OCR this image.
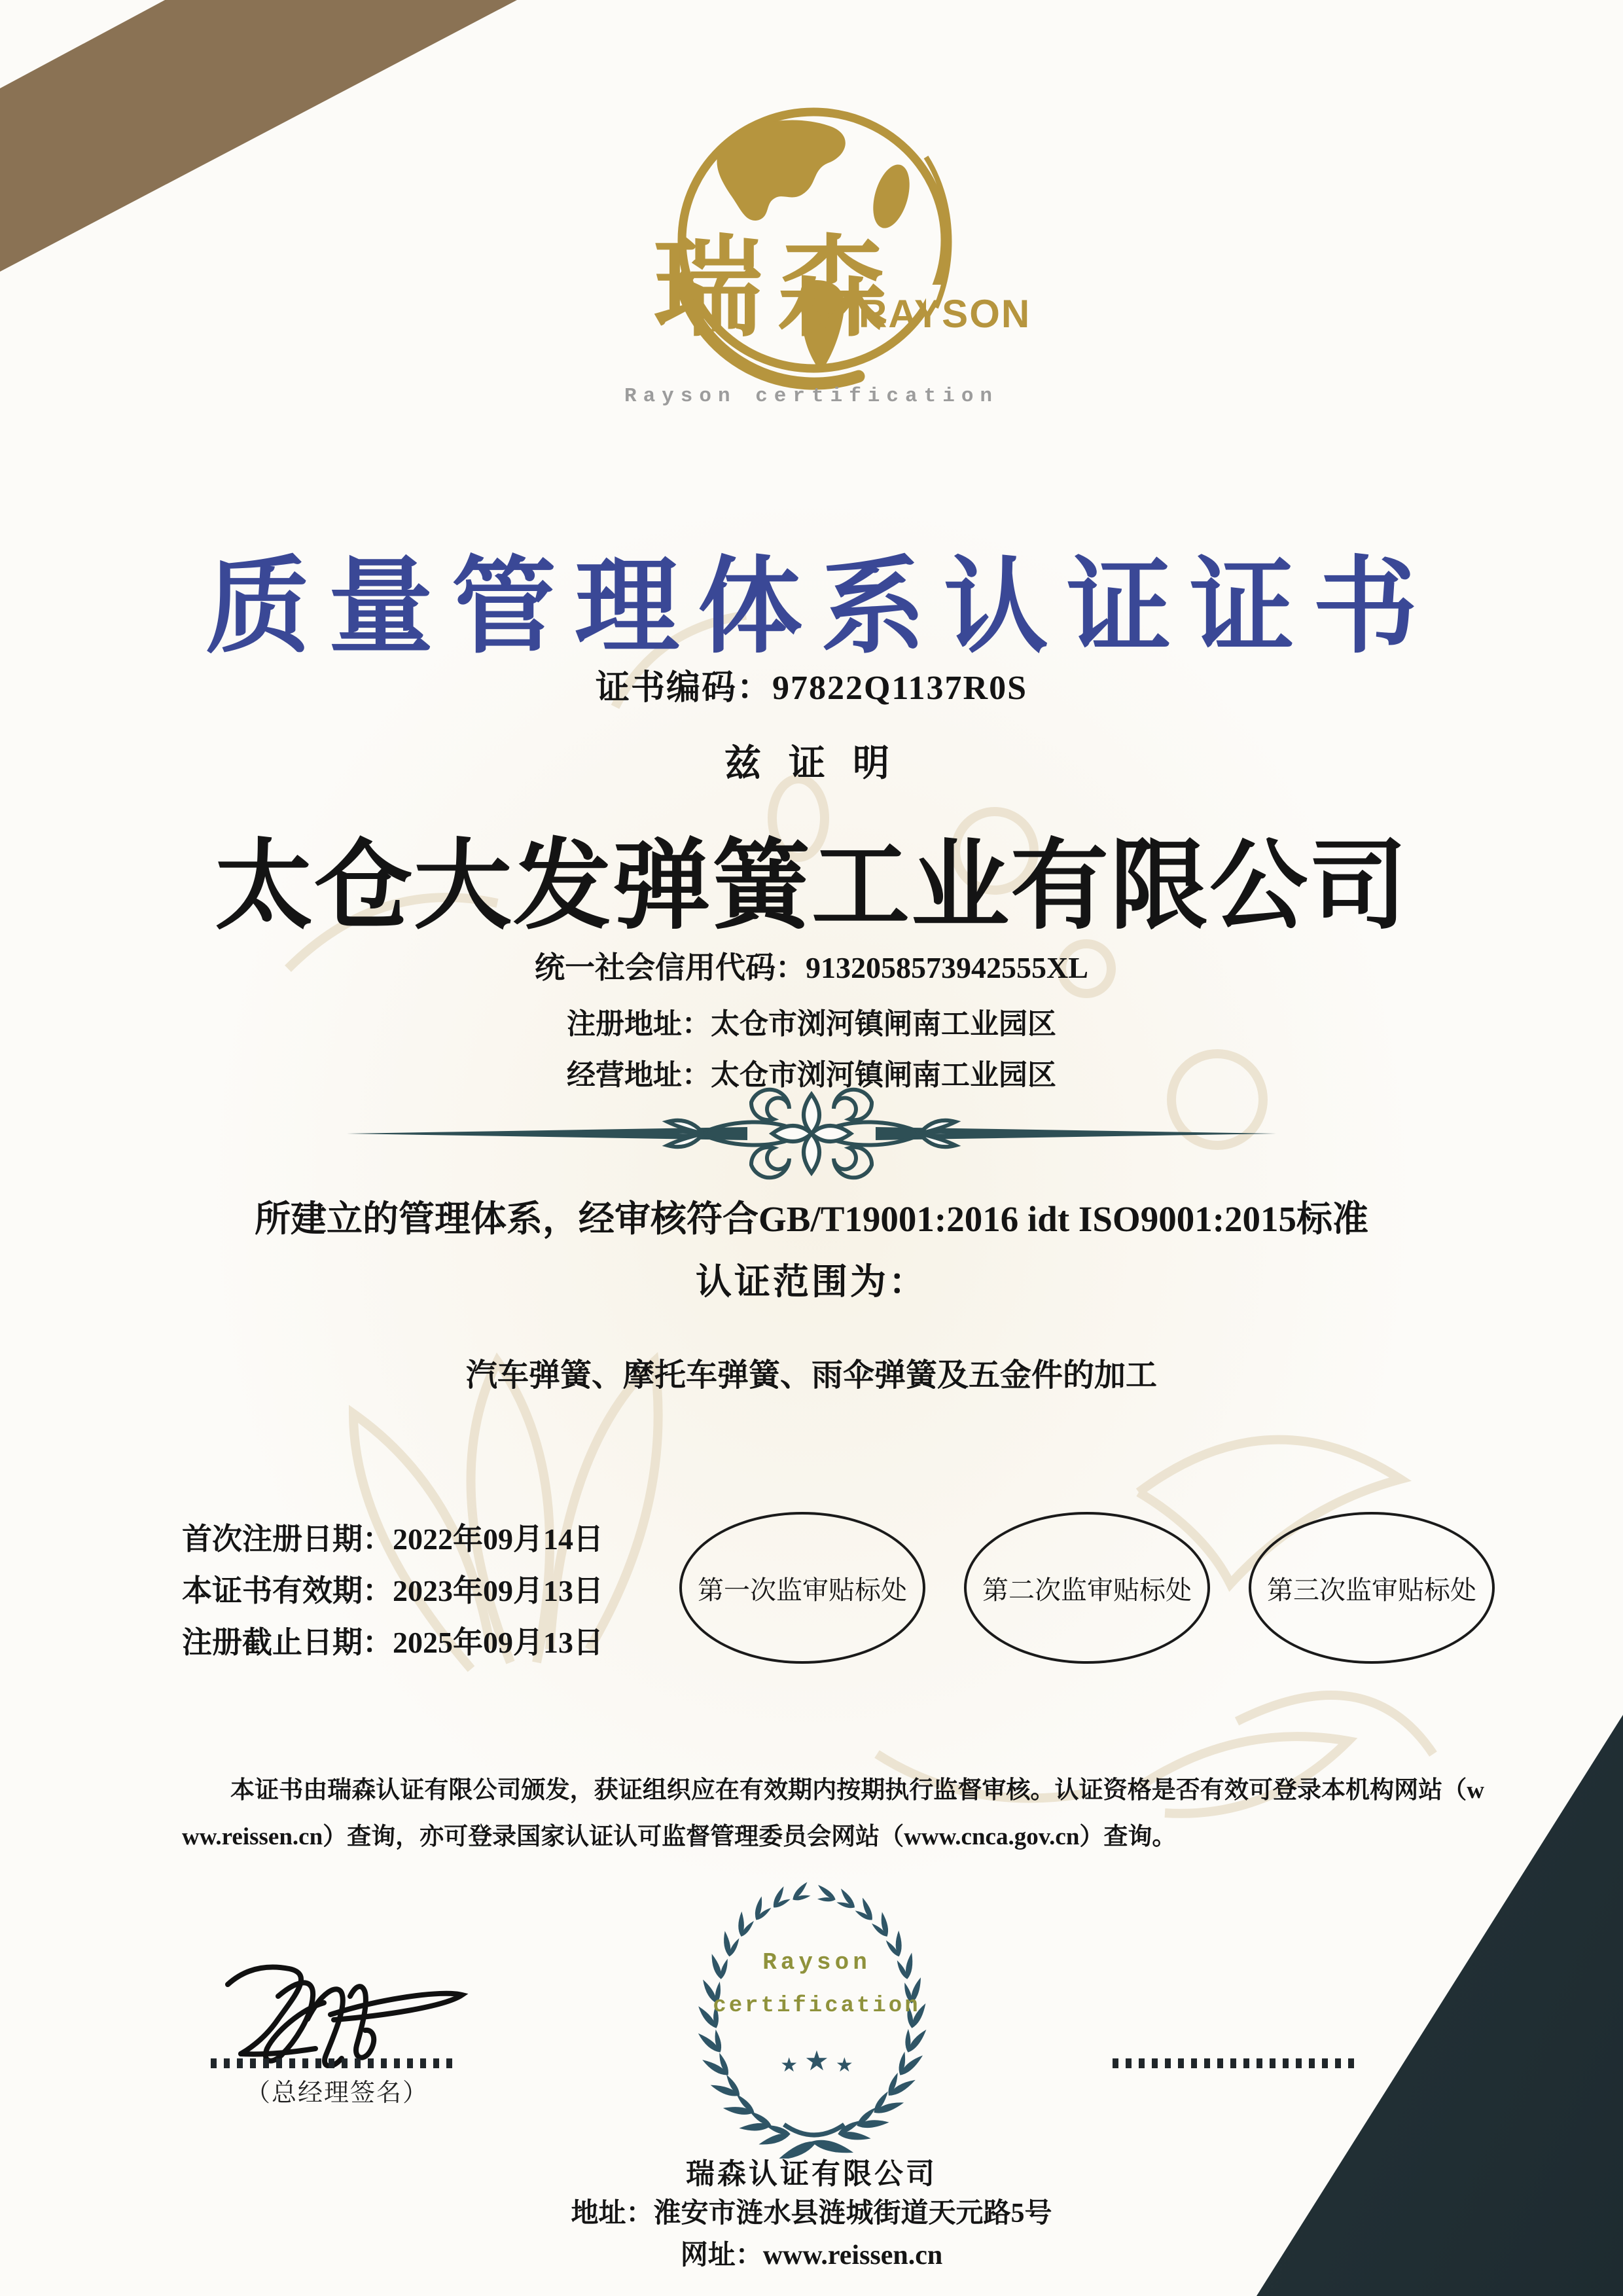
瑞森
RAYSON
Rayson certification
质量管理体系认证证书
证书编码：97822Q1137R0S
兹 证 明
太仓大发弹簧工业有限公司
统一社会信用代码：9132058573942555XL
注册地址：太仓市浏河镇闸南工业园区
经营地址：太仓市浏河镇闸南工业园区
所建立的管理体系，经审核符合GB/T19001:2016 idt ISO9001:2015标准
认证范围为：
汽车弹簧、摩托车弹簧、雨伞弹簧及五金件的加工
首次注册日期：2022年09月14日
本证书有效期：2023年09月13日
注册截止日期：2025年09月13日
第一次监审贴标处	第二次监审贴标处	第三次监审贴标处

本证书由瑞森认证有限公司颁发，获证组织应在有效期内按期执行监督审核。认证资格是否有效可登录本机构网站（www.reissen.cn）查询，亦可登录国家认证认可监督管理委员会网站（www.cnca.gov.cn）查询。

（总经理签名）
Rayson
certification
★ ★ ★
瑞森认证有限公司
地址：淮安市涟水县涟城街道天元路5号
网址：www.reissen.cn
